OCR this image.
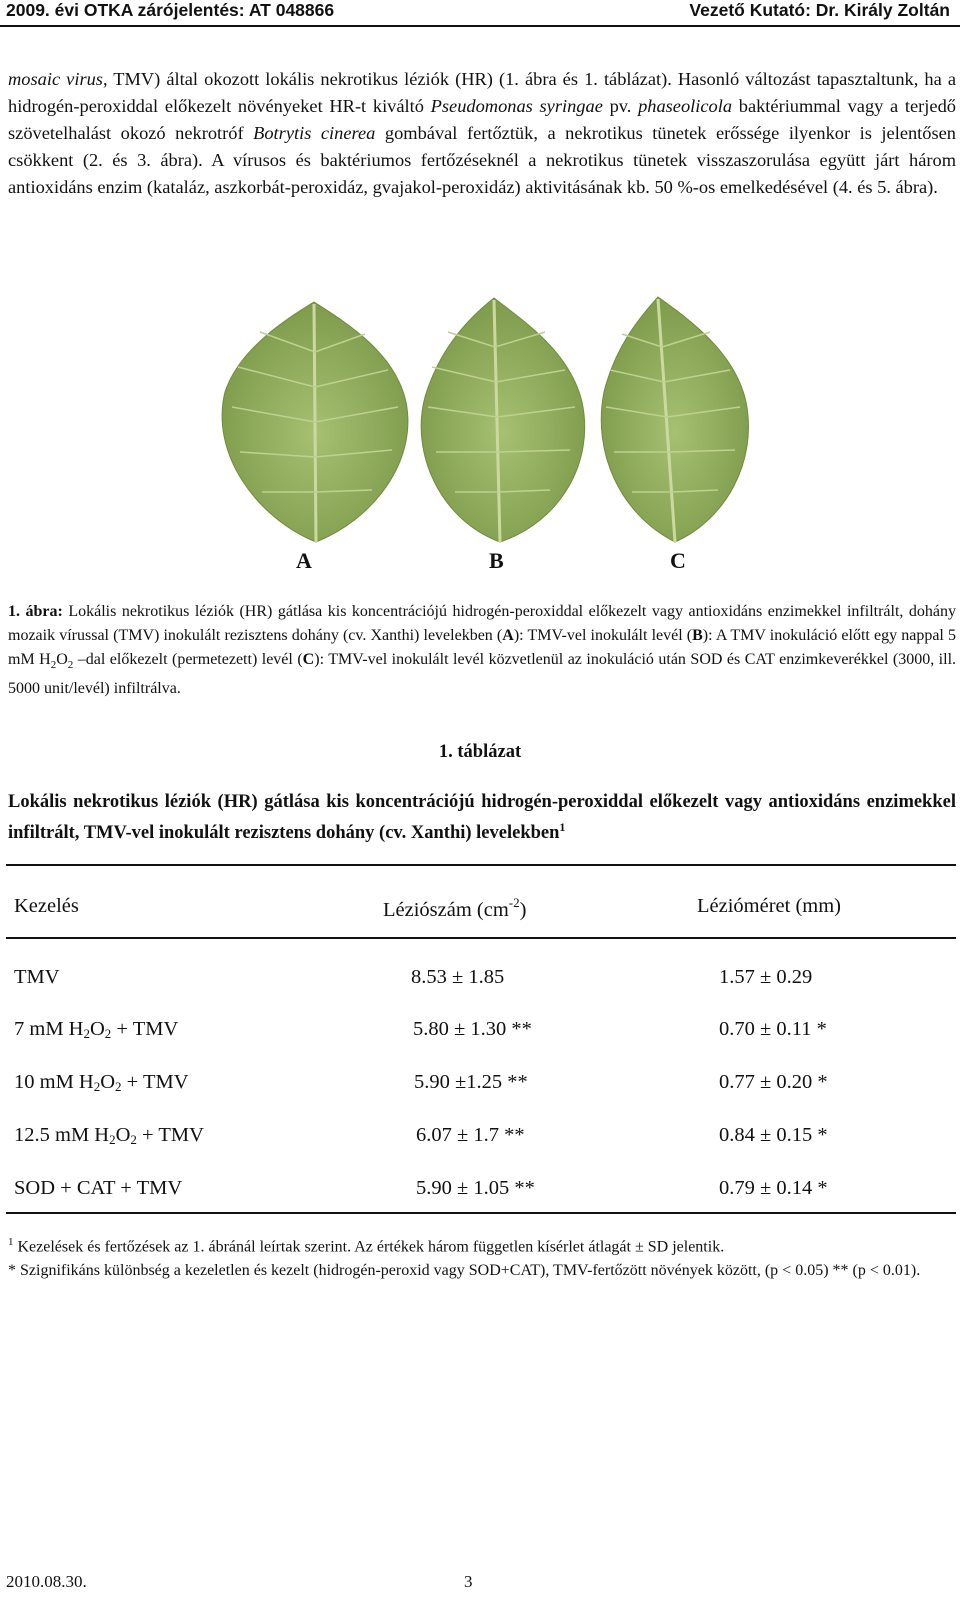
2009. évi OTKA zárójelentés: AT 048866	Vezető Kutató: Dr. Király Zoltán

mosaic virus, TMV) által okozott lokális nekrotikus léziók (HR) (1. ábra és 1. táblázat). Hasonló változást tapasztaltunk, ha a hidrogén-peroxiddal előkezelt növényeket HR-t kiváltó Pseudomonas syringae pv. phaseolicola baktériummal vagy a terjedő szövetelhalást okozó nekrotróf Botrytis cinerea gombával fertőztük, a nekrotikus tünetek erőssége ilyenkor is jelentősen csökkent (2. és 3. ábra). A vírusos és baktériumos fertőzéseknél a nekrotikus tünetek visszaszorulása együtt járt három antioxidáns enzim (kataláz, aszkorbát-peroxidáz, gvajakol-peroxidáz) aktivitásának kb. 50 %-os emelkedésével (4. és 5. ábra).

A	B	C

1. ábra: Lokális nekrotikus léziók (HR) gátlása kis koncentrációjú hidrogén-peroxiddal előkezelt vagy antioxidáns enzimekkel infiltrált, dohány mozaik vírussal (TMV) inokulált rezisztens dohány (cv. Xanthi) levelekben (A): TMV-vel inokulált levél (B): A TMV inokuláció előtt egy nappal 5 mM $H_2O_2$ –dal előkezelt (permetezett) levél (C): TMV-vel inokulált levél közvetlenül az inokuláció után SOD és CAT enzimkeverékkel (3000, ill. 5000 unit/levél) infiltrálva.

1. táblázat

Lokális nekrotikus léziók (HR) gátlása kis koncentrációjú hidrogén-peroxiddal előkezelt vagy antioxidáns enzimekkel infiltrált, TMV-vel inokulált rezisztens dohány (cv. Xanthi) levelekben$^1$

Kezelés	Léziószám $(cm^{-2})$	Lézióméret (mm)
TMV	8.53 ± 1.85	1.57 ± 0.29
7 mM $H_2O_2$ + TMV	5.80 ± 1.30 **	0.70 ± 0.11 *
10 mM $H_2O_2$ + TMV	5.90 ±1.25 **	0.77 ± 0.20 *
12.5 mM $H_2O_2$ + TMV	6.07 ± 1.7 **	0.84 ± 0.15 *
SOD + CAT + TMV	5.90 ± 1.05 **	0.79 ± 0.14 *

$^1$ Kezelések és fertőzések az 1. ábránál leírtak szerint. Az értékek három független kísérlet átlagát ± SD jelentik.
* Szignifikáns különbség a kezeletlen és kezelt (hidrogén-peroxid vagy SOD+CAT), TMV-fertőzött növények között, (p < 0.05) ** (p < 0.01).

2010.08.30.	3
